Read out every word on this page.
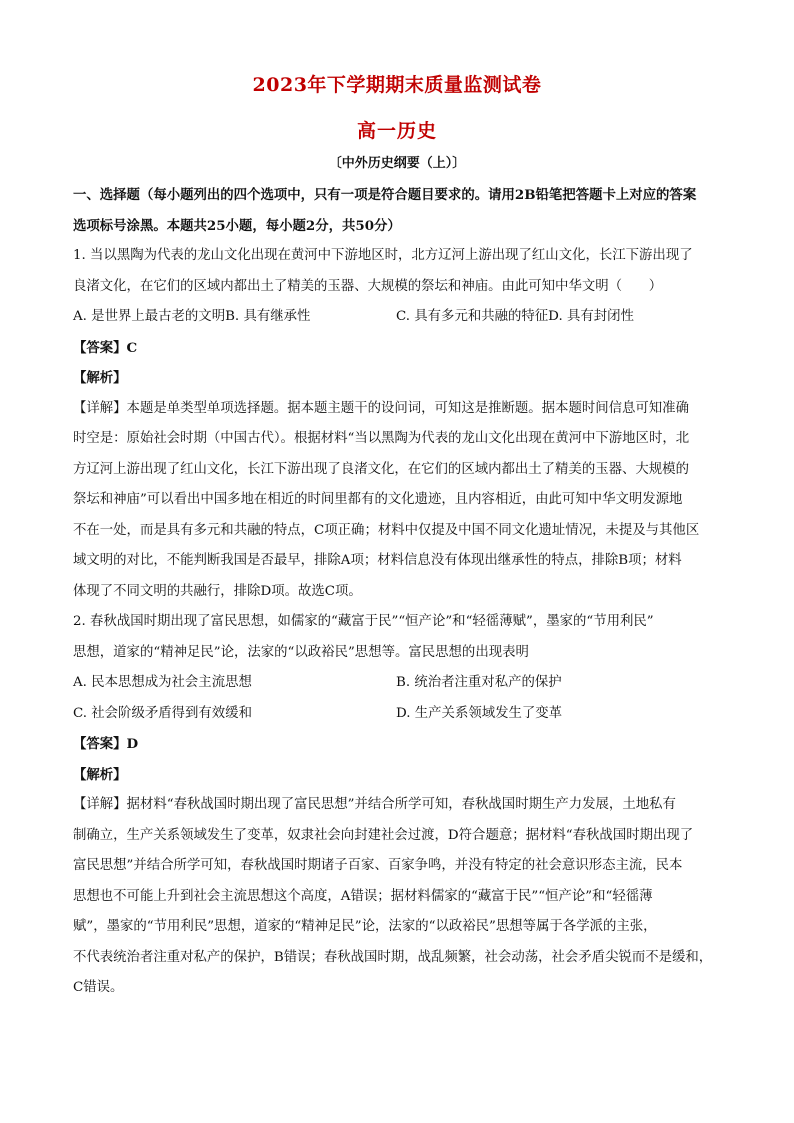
2023年下学期期末质量监测试卷
高一历史
〔中外历史纲要（上）〕

一、选择题（每小题列出的四个选项中，只有一项是符合题目要求的。请用2B铅笔把答题卡上对应的答案

选项标号涂黑。本题共25小题，每小题2分，共50分）

1. 当以黑陶为代表的龙山文化出现在黄河中下游地区时，北方辽河上游出现了红山文化，长江下游出现了

良渚文化，在它们的区域内都出土了精美的玉器、大规模的祭坛和神庙。由此可知中华文明（　　）

A. 是世界上最古老的文明B. 具有继承性	C. 具有多元和共融的特征D. 具有封闭性

【答案】C

【解析】

【详解】本题是单类型单项选择题。据本题主题干的设问词，可知这是推断题。据本题时间信息可知准确

时空是：原始社会时期（中国古代）。根据材料“当以黑陶为代表的龙山文化出现在黄河中下游地区时，北

方辽河上游出现了红山文化，长江下游出现了良渚文化，在它们的区域内都出土了精美的玉器、大规模的

祭坛和神庙”可以看出中国多地在相近的时间里都有的文化遗迹，且内容相近，由此可知中华文明发源地

不在一处，而是具有多元和共融的特点，C项正确；材料中仅提及中国不同文化遗址情况，未提及与其他区

域文明的对比，不能判断我国是否最早，排除A项；材料信息没有体现出继承性的特点，排除B项；材料

体现了不同文明的共融行，排除D项。故选C项。

2. 春秋战国时期出现了富民思想，如儒家的“藏富于民”“恒产论”和“轻徭薄赋”，墨家的“节用利民”

思想，道家的“精神足民”论，法家的“以政裕民”思想等。富民思想的出现表明

A. 民本思想成为社会主流思想	B. 统治者注重对私产的保护
C. 社会阶级矛盾得到有效缓和	D. 生产关系领域发生了变革

【答案】D

【解析】

【详解】据材料“春秋战国时期出现了富民思想”并结合所学可知，春秋战国时期生产力发展，土地私有

制确立，生产关系领域发生了变革，奴隶社会向封建社会过渡，D符合题意；据材料“春秋战国时期出现了

富民思想”并结合所学可知，春秋战国时期诸子百家、百家争鸣，并没有特定的社会意识形态主流，民本

思想也不可能上升到社会主流思想这个高度，A错误；据材料儒家的“藏富于民”“恒产论”和“轻徭薄

赋”，墨家的“节用利民”思想，道家的“精神足民”论，法家的“以政裕民”思想等属于各学派的主张，

不代表统治者注重对私产的保护，B错误；春秋战国时期，战乱频繁，社会动荡，社会矛盾尖锐而不是缓和，

C错误。
